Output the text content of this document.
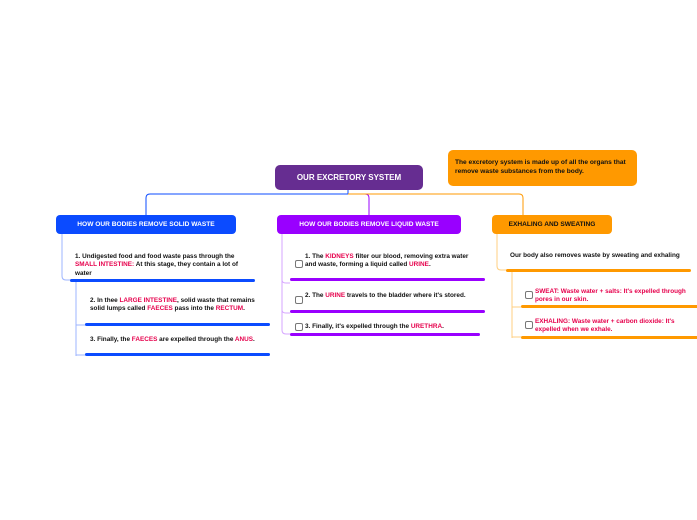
OUR EXCRETORY SYSTEM
The excretory system is made up of all the organs that remove waste substances from the body.
HOW OUR BODIES REMOVE SOLID WASTE	HOW OUR BODIES REMOVE LIQUID WASTE	EXHALING AND SWEATING
1. Undigested food and food waste pass through the SMALL INTESTINE: At this stage, they contain a lot of water
2. In thee LARGE INTESTINE, solid waste that remains solid lumps called FAECES pass into the RECTUM.
3. Finally, the FAECES are expelled through the ANUS.
1. The KIDNEYS filter our blood, removing extra water and waste, forming a liquid called URINE.
2. The URINE travels to the bladder where it's stored.
3. Finally, it's expelled through the URETHRA.
Our body also removes waste by sweating and exhaling
SWEAT: Waste water + salts: It's expelled through pores in our skin.
EXHALING: Waste water + carbon dioxide: It's expelled when we exhale.
